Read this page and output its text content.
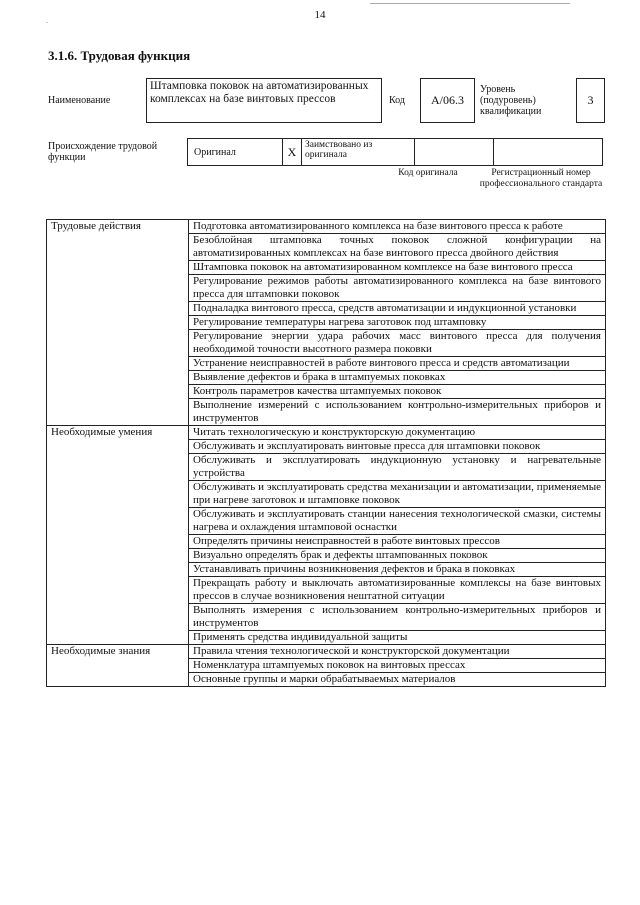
.	14
3.1.6. Трудовая функция
Наименование
Штамповка поковок на автоматизированных комплексах на базе винтовых прессов	Код	A/06.3
Уровень (подуровень) квалификации
3
Происхождение трудовой функции	Оригинал	X Заимствовано из оригинала
Код оригинала	Регистрационный номер профессионального стандарта
Трудовые действия	Подготовка автоматизированного комплекса на базе винтового пресса к работе
	Безоблойная штамповка точных поковок сложной конфигурации на автоматизированных комплексах на базе винтового пресса двойного действия
	Штамповка поковок на автоматизированном комплексе на базе винтового пресса
	Регулирование режимов работы автоматизированного комплекса на базе винтового пресса для штамповки поковок
	Подналадка винтового пресса, средств автоматизации и индукционной установки
	Регулирование температуры нагрева заготовок под штамповку
	Регулирование энергии удара рабочих масс винтового пресса для получения необходимой точности высотного размера поковки
	Устранение неисправностей в работе винтового пресса и средств автоматизации
	Выявление дефектов и брака в штампуемых поковках
	Контроль параметров качества штампуемых поковок
	Выполнение измерений с использованием контрольно-измерительных приборов и инструментов
Необходимые умения	Читать технологическую и конструкторскую документацию
	Обслуживать и эксплуатировать винтовые пресса для штамповки поковок
	Обслуживать и эксплуатировать индукционную установку и нагревательные устройства
	Обслуживать и эксплуатировать средства механизации и автоматизации, применяемые при нагреве заготовок и штамповке поковок
	Обслуживать и эксплуатировать станции нанесения технологической смазки, системы нагрева и охлаждения штамповой оснастки
	Определять причины неисправностей в работе винтовых прессов
	Визуально определять брак и дефекты штампованных поковок
	Устанавливать причины возникновения дефектов и брака в поковках
	Прекращать работу и выключать автоматизированные комплексы на базе винтовых прессов в случае возникновения нештатной ситуации
	Выполнять измерения с использованием контрольно-измерительных приборов и инструментов
	Применять средства индивидуальной защиты
Необходимые знания	Правила чтения технологической и конструкторской документации
	Номенклатура штампуемых поковок на винтовых прессах
	Основные группы и марки обрабатываемых материалов
